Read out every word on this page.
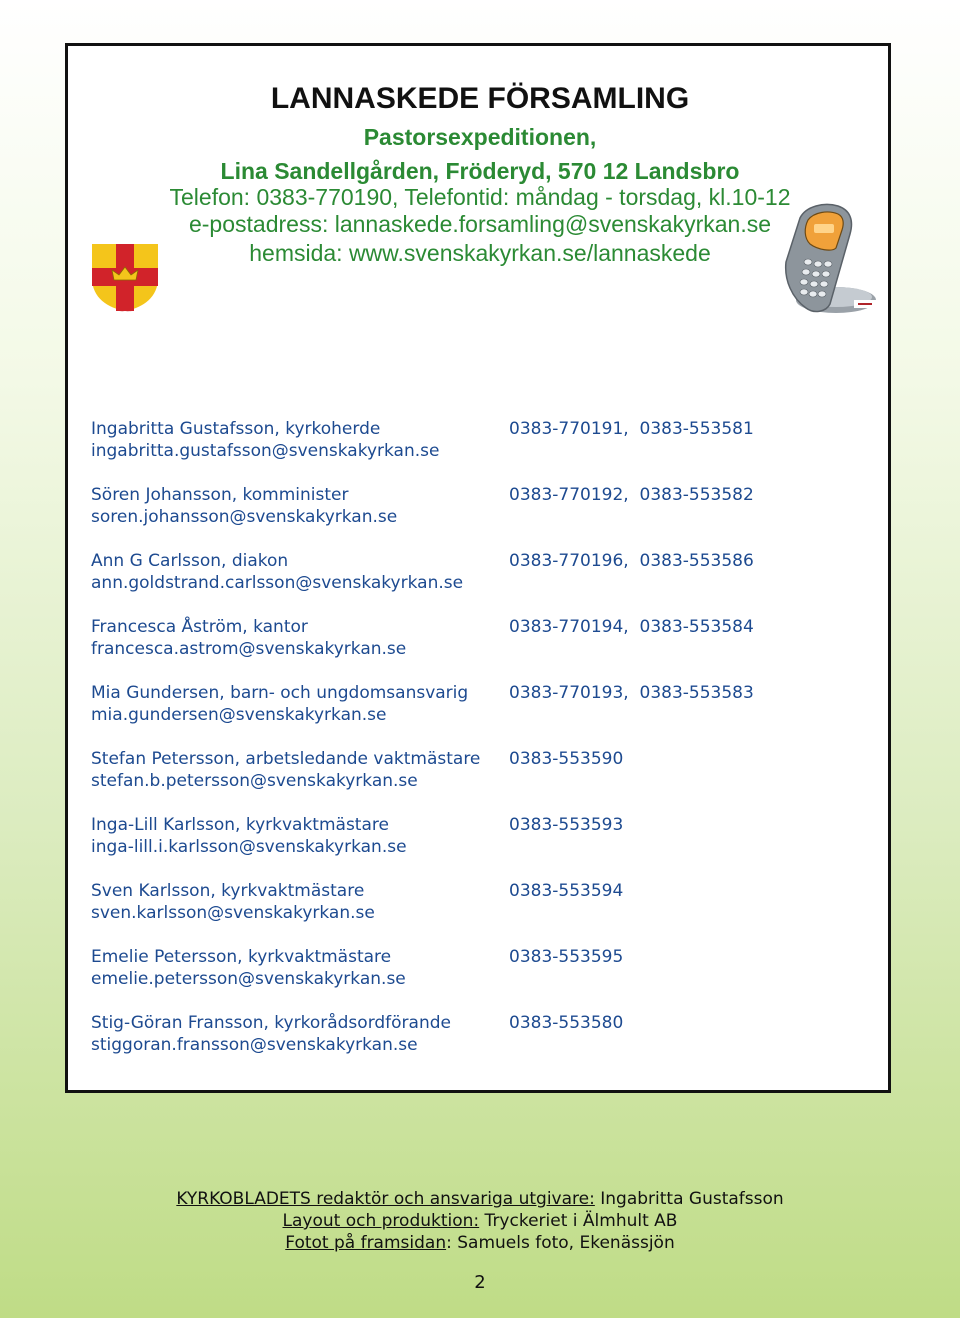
LANNASKEDE FÖRSAMLING
Pastorsexpeditionen,
Lina Sandellgården, Fröderyd, 570 12 Landsbro
Telefon: 0383-770190, Telefontid: måndag - torsdag, kl.10-12
e-postadress: lannaskede.forsamling@svenskakyrkan.se
hemsida: www.svenskakyrkan.se/lannaskede
Ingabritta Gustafsson, kyrkoherde
ingabritta.gustafsson@svenskakyrkan.se
0383-770191,  0383-553581
Sören Johansson, komminister
soren.johansson@svenskakyrkan.se
0383-770192,  0383-553582
Ann G Carlsson, diakon
ann.goldstrand.carlsson@svenskakyrkan.se
0383-770196,  0383-553586
Francesca Åström, kantor
francesca.astrom@svenskakyrkan.se
0383-770194,  0383-553584
Mia Gundersen, barn- och ungdomsansvarig
mia.gundersen@svenskakyrkan.se
0383-770193,  0383-553583
Stefan Petersson, arbetsledande vaktmästare
stefan.b.petersson@svenskakyrkan.se
0383-553590
Inga-Lill Karlsson, kyrkvaktmästare
inga-lill.i.karlsson@svenskakyrkan.se
0383-553593
Sven Karlsson, kyrkvaktmästare
sven.karlsson@svenskakyrkan.se
0383-553594
Emelie Petersson, kyrkvaktmästare
emelie.petersson@svenskakyrkan.se
0383-553595
Stig-Göran Fransson, kyrkorådsordförande
stiggoran.fransson@svenskakyrkan.se
0383-553580
KYRKOBLADETS redaktör och ansvariga utgivare: Ingabritta Gustafsson
Layout och produktion: Tryckeriet i Älmhult AB
Fotot på framsidan: Samuels foto, Ekenässjön
2
